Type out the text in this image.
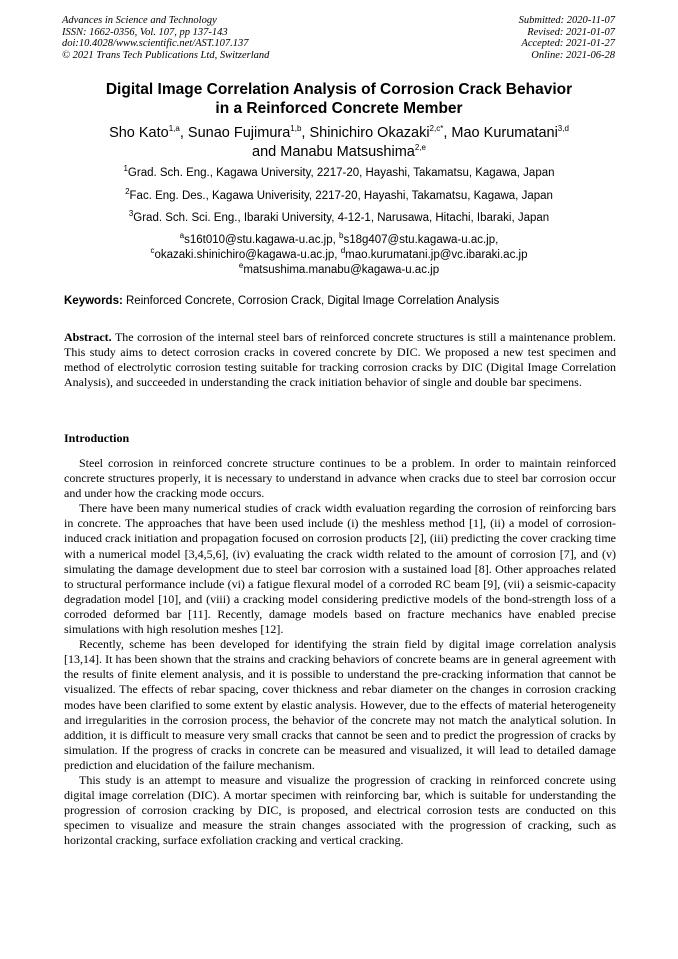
Advances in Science and Technology
ISSN: 1662-0356, Vol. 107, pp 137-143
doi:10.4028/www.scientific.net/AST.107.137
© 2021 Trans Tech Publications Ltd, Switzerland
Submitted: 2020-11-07
Revised: 2021-01-07
Accepted: 2021-01-27
Online: 2021-06-28
Digital Image Correlation Analysis of Corrosion Crack Behavior
in a Reinforced Concrete Member
Sho Kato$^{1,a}$, Sunao Fujimura$^{1,b}$, Shinichiro Okazaki$^{2,c*}$, Mao Kurumatani$^{3,d}$
and Manabu Matsushima$^{2,e}$
$^1$Grad. Sch. Eng., Kagawa University, 2217-20, Hayashi, Takamatsu, Kagawa, Japan
$^2$Fac. Eng. Des., Kagawa Univerisity, 2217-20, Hayashi, Takamatsu, Kagawa, Japan
$^3$Grad. Sch. Sci. Eng., Ibaraki University, 4-12-1, Narusawa, Hitachi, Ibaraki, Japan
$^a$s16t010@stu.kagawa-u.ac.jp, $^b$s18g407@stu.kagawa-u.ac.jp,
$^c$okazaki.shinichiro@kagawa-u.ac.jp, $^d$mao.kurumatani.jp@vc.ibaraki.ac.jp
$^e$matsushima.manabu@kagawa-u.ac.jp
Keywords: Reinforced Concrete, Corrosion Crack, Digital Image Correlation Analysis

Abstract. The corrosion of the internal steel bars of reinforced concrete structures is still a maintenance problem. This study aims to detect corrosion cracks in covered concrete by DIC. We proposed a new test specimen and method of electrolytic corrosion testing suitable for tracking corrosion cracks by DIC (Digital Image Correlation Analysis), and succeeded in understanding the crack initiation behavior of single and double bar specimens.

Introduction

Steel corrosion in reinforced concrete structure continues to be a problem. In order to maintain reinforced concrete structures properly, it is necessary to understand in advance when cracks due to steel bar corrosion occur and under how the cracking mode occurs.

There have been many numerical studies of crack width evaluation regarding the corrosion of reinforcing bars in concrete. The approaches that have been used include (i) the meshless method [1], (ii) a model of corrosion-induced crack initiation and propagation focused on corrosion products [2], (iii) predicting the cover cracking time with a numerical model [3,4,5,6], (iv) evaluating the crack width related to the amount of corrosion [7], and (v) simulating the damage development due to steel bar corrosion with a sustained load [8]. Other approaches related to structural performance include (vi) a fatigue flexural model of a corroded RC beam [9], (vii) a seismic-capacity degradation model [10], and (viii) a cracking model considering predictive models of the bond-strength loss of a corroded deformed bar [11]. Recently, damage models based on fracture mechanics have enabled precise simulations with high resolution meshes [12].

Recently, scheme has been developed for identifying the strain field by digital image correlation analysis [13,14]. It has been shown that the strains and cracking behaviors of concrete beams are in general agreement with the results of finite element analysis, and it is possible to understand the pre-cracking information that cannot be visualized. The effects of rebar spacing, cover thickness and rebar diameter on the changes in corrosion cracking modes have been clarified to some extent by elastic analysis. However, due to the effects of material heterogeneity and irregularities in the corrosion process, the behavior of the concrete may not match the analytical solution. In addition, it is difficult to measure very small cracks that cannot be seen and to predict the progression of cracks by simulation. If the progress of cracks in concrete can be measured and visualized, it will lead to detailed damage prediction and elucidation of the failure mechanism.

This study is an attempt to measure and visualize the progression of cracking in reinforced concrete using digital image correlation (DIC). A mortar specimen with reinforcing bar, which is suitable for understanding the progression of corrosion cracking by DIC, is proposed, and electrical corrosion tests are conducted on this specimen to visualize and measure the strain changes associated with the progression of cracking, such as horizontal cracking, surface exfoliation cracking and vertical cracking.
